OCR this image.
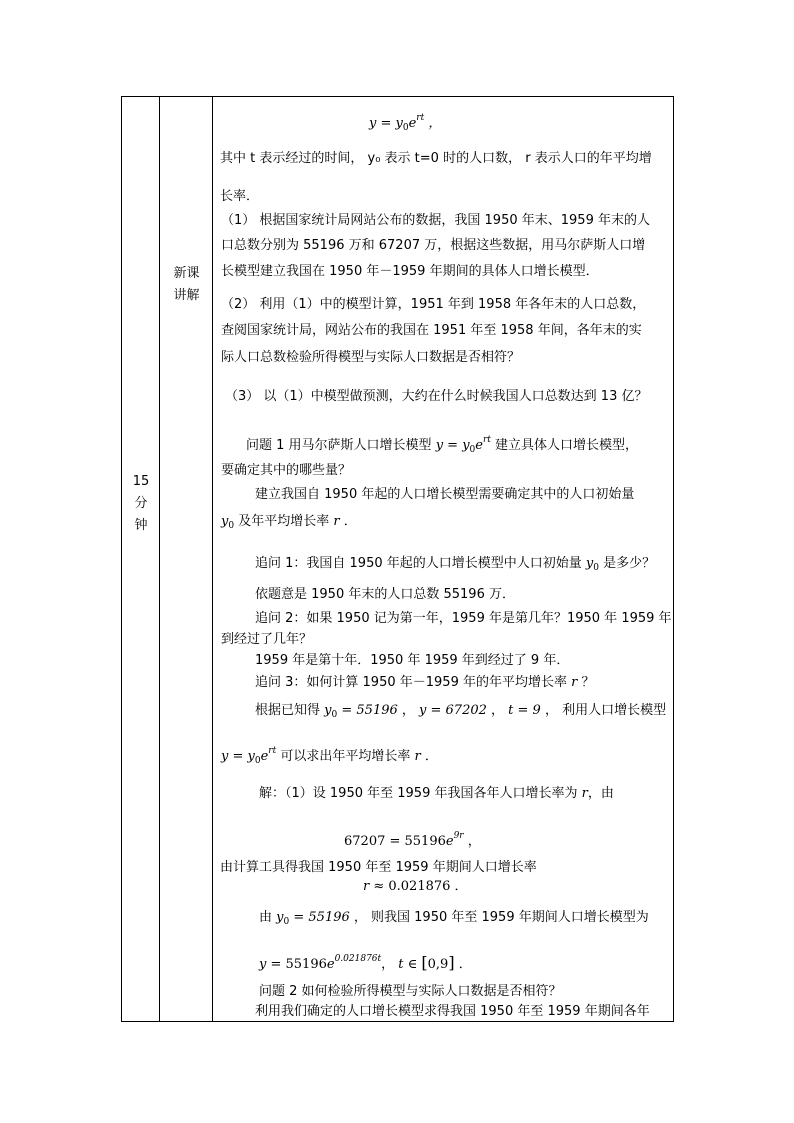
15
分
钟
新课
讲解
$y = y_0e^{rt}$ ，
其中 t 表示经过的时间， y₀ 表示 t=0 时的人口数， r 表示人口的年平均增
长率．
（1） 根据国家统计局网站公布的数据，我国 1950 年末、1959 年末的人
口总数分别为 55196 万和 67207 万，根据这些数据，用马尔萨斯人口增
长模型建立我国在 1950 年－1959 年期间的具体人口增长模型．
（2） 利用（1）中的模型计算，1951 年到 1958 年各年末的人口总数，
查阅国家统计局，网站公布的我国在 1951 年至 1958 年间，各年末的实
际人口总数检验所得模型与实际人口数据是否相符？
（3） 以（1）中模型做预测，大约在什么时候我国人口总数达到 13 亿？
问题 1 用马尔萨斯人口增长模型 $y = y_0e^{rt}$ 建立具体人口增长模型，
要确定其中的哪些量？
建立我国自 1950 年起的人口增长模型需要确定其中的人口初始量
$y_0$ 及年平均增长率 r ．
追问 1：我国自 1950 年起的人口增长模型中人口初始量 $y_0$ 是多少？
依题意是 1950 年末的人口总数 55196 万．
追问 2：如果 1950 记为第一年，1959 年是第几年？1950 年 1959 年
到经过了几年？
1959 年是第十年．1950 年 1959 年到经过了 9 年．
追问 3：如何计算 1950 年－1959 年的年平均增长率 r ？
根据已知得 $y_0 = 55196$ ， y = 67202 ， t = 9 ， 利用人口增长模型
$y = y_0e^{rt}$ 可以求出年平均增长率 r ．
解：（1）设 1950 年至 1959 年我国各年人口增长率为 r，由
$67207 = 55196e^{9r}$ ，
由计算工具得我国 1950 年至 1959 年期间人口增长率
r ≈ 0.021876 ．
由 $y_0 = 55196$ ， 则我国 1950 年至 1959 年期间人口增长模型为
$y = 55196e^{0.021876t}$， t ∈ [0,9] ．
问题 2 如何检验所得模型与实际人口数据是否相符？
利用我们确定的人口增长模型求得我国 1950 年至 1959 年期间各年
